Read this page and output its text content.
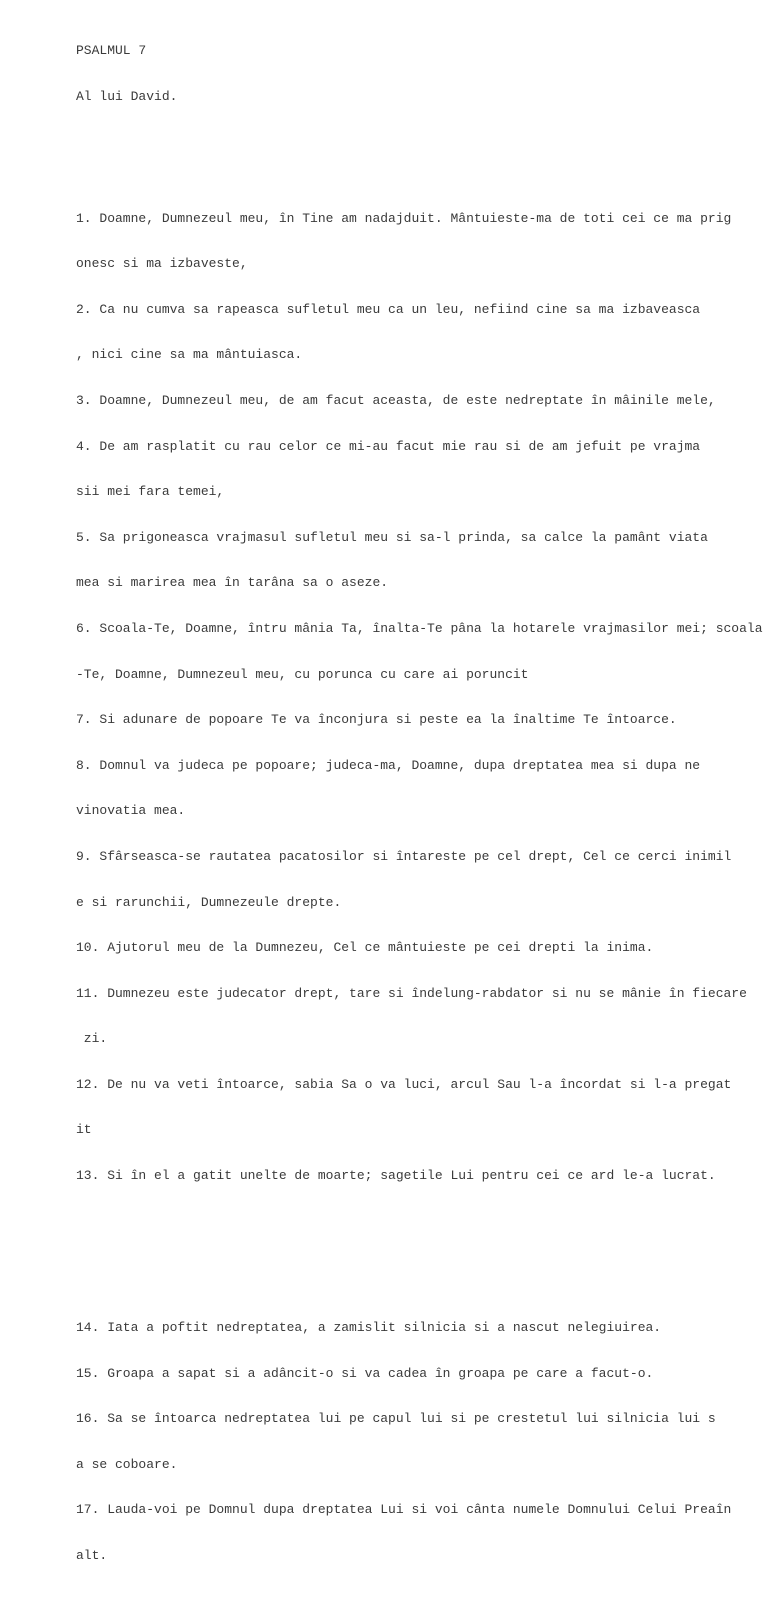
PSALMUL 7

Al lui David.

1. Doamne, Dumnezeul meu, în Tine am nadajduit. Mântuieste-ma de toti cei ce ma prig

onesc si ma izbaveste,

2. Ca nu cumva sa rapeasca sufletul meu ca un leu, nefiind cine sa ma izbaveasca

, nici cine sa ma mântuiasca.

3. Doamne, Dumnezeul meu, de am facut aceasta, de este nedreptate în mâinile mele,

4. De am rasplatit cu rau celor ce mi-au facut mie rau si de am jefuit pe vrajma

sii mei fara temei,

5. Sa prigoneasca vrajmasul sufletul meu si sa-l prinda, sa calce la pamânt viata

mea si marirea mea în tarâna sa o aseze.

6. Scoala-Te, Doamne, întru mânia Ta, înalta-Te pâna la hotarele vrajmasilor mei; scoala

-Te, Doamne, Dumnezeul meu, cu porunca cu care ai poruncit

7. Si adunare de popoare Te va înconjura si peste ea la înaltime Te întoarce.

8. Domnul va judeca pe popoare; judeca-ma, Doamne, dupa dreptatea mea si dupa ne

vinovatia mea.

9. Sfârseasca-se rautatea pacatosilor si întareste pe cel drept, Cel ce cerci inimil

e si rarunchii, Dumnezeule drepte.

10. Ajutorul meu de la Dumnezeu, Cel ce mântuieste pe cei drepti la inima.

11. Dumnezeu este judecator drept, tare si îndelung-rabdator si nu se mânie în fiecare

zi.

12. De nu va veti întoarce, sabia Sa o va luci, arcul Sau l-a încordat si l-a pregat

it

13. Si în el a gatit unelte de moarte; sagetile Lui pentru cei ce ard le-a lucrat.

14. Iata a poftit nedreptatea, a zamislit silnicia si a nascut nelegiuirea.

15. Groapa a sapat si a adâncit-o si va cadea în groapa pe care a facut-o.

16. Sa se întoarca nedreptatea lui pe capul lui si pe crestetul lui silnicia lui s

a se coboare.

17. Lauda-voi pe Domnul dupa dreptatea Lui si voi cânta numele Domnului Celui Preaîn

alt.
